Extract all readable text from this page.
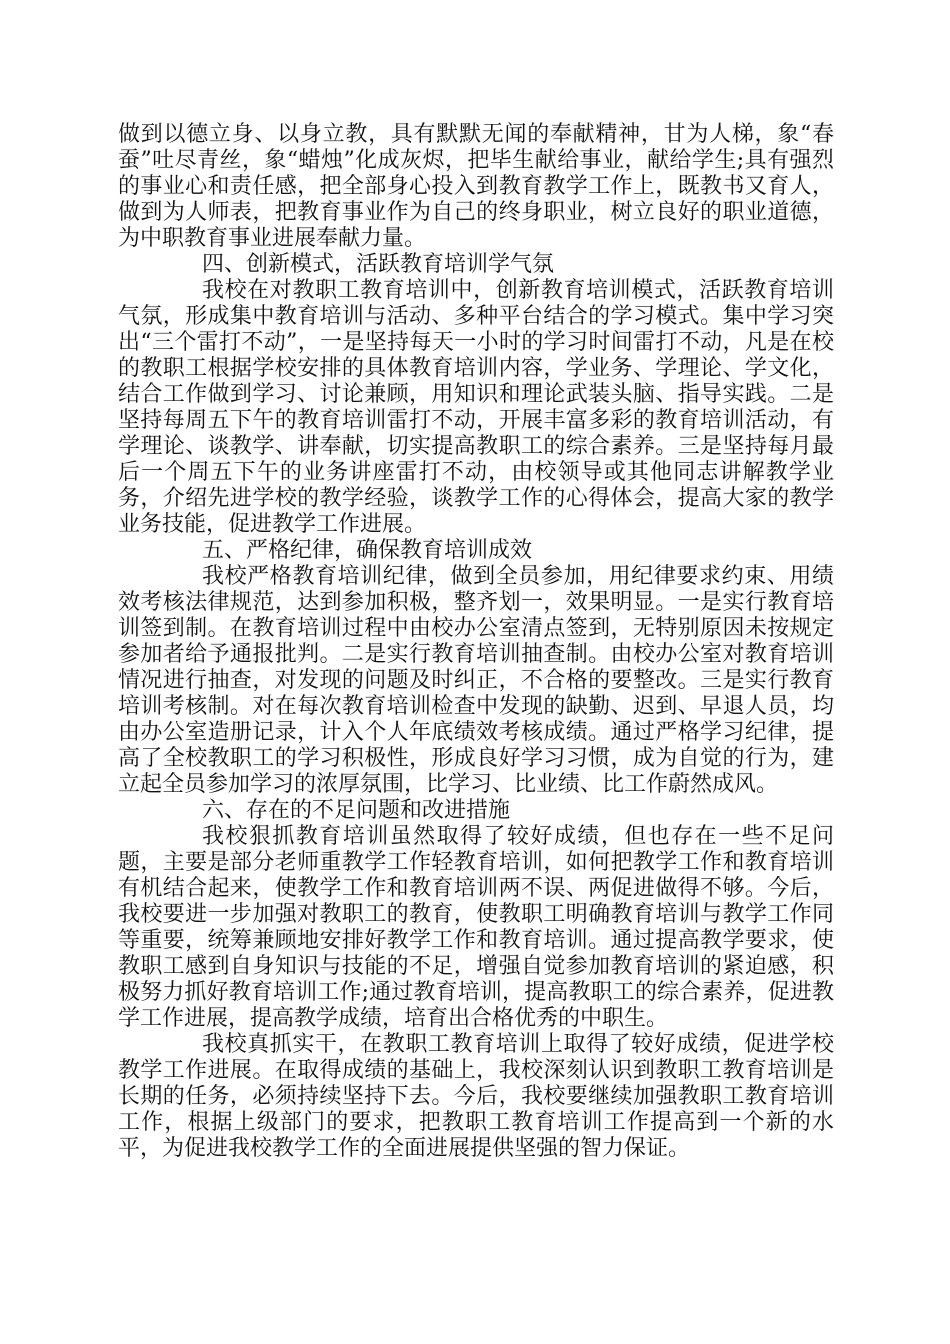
做到以德立身、以身立教，具有默默无闻的奉献精神，甘为人梯，象“春蚕”吐尽青丝，象“蜡烛”化成灰烬，把毕生献给事业，献给学生;具有强烈的事业心和责任感，把全部身心投入到教育教学工作上，既教书又育人，做到为人师表，把教育事业作为自己的终身职业，树立良好的职业道德，为中职教育事业进展奉献力量。

四、创新模式，活跃教育培训学气氛

我校在对教职工教育培训中，创新教育培训模式，活跃教育培训气氛，形成集中教育培训与活动、多种平台结合的学习模式。集中学习突出“三个雷打不动”，一是坚持每天一小时的学习时间雷打不动，凡是在校的教职工根据学校安排的具体教育培训内容，学业务、学理论、学文化，结合工作做到学习、讨论兼顾，用知识和理论武装头脑、指导实践。二是坚持每周五下午的教育培训雷打不动，开展丰富多彩的教育培训活动，有学理论、谈教学、讲奉献，切实提高教职工的综合素养。三是坚持每月最后一个周五下午的业务讲座雷打不动，由校领导或其他同志讲解教学业务，介绍先进学校的教学经验，谈教学工作的心得体会，提高大家的教学业务技能，促进教学工作进展。

五、严格纪律，确保教育培训成效

我校严格教育培训纪律，做到全员参加，用纪律要求约束、用绩效考核法律规范，达到参加积极，整齐划一，效果明显。一是实行教育培训签到制。在教育培训过程中由校办公室清点签到，无特别原因未按规定参加者给予通报批判。二是实行教育培训抽查制。由校办公室对教育培训情况进行抽查，对发现的问题及时纠正，不合格的要整改。三是实行教育培训考核制。对在每次教育培训检查中发现的缺勤、迟到、早退人员，均由办公室造册记录，计入个人年底绩效考核成绩。通过严格学习纪律，提高了全校教职工的学习积极性，形成良好学习习惯，成为自觉的行为，建立起全员参加学习的浓厚氛围，比学习、比业绩、比工作蔚然成风。

六、存在的不足问题和改进措施

我校狠抓教育培训虽然取得了较好成绩，但也存在一些不足问题，主要是部分老师重教学工作轻教育培训，如何把教学工作和教育培训有机结合起来，使教学工作和教育培训两不误、两促进做得不够。今后，我校要进一步加强对教职工的教育，使教职工明确教育培训与教学工作同等重要，统筹兼顾地安排好教学工作和教育培训。通过提高教学要求，使教职工感到自身知识与技能的不足，增强自觉参加教育培训的紧迫感，积极努力抓好教育培训工作;通过教育培训，提高教职工的综合素养，促进教学工作进展，提高教学成绩，培育出合格优秀的中职生。

我校真抓实干，在教职工教育培训上取得了较好成绩，促进学校教学工作进展。在取得成绩的基础上，我校深刻认识到教职工教育培训是长期的任务，必须持续坚持下去。今后，我校要继续加强教职工教育培训工作，根据上级部门的要求，把教职工教育培训工作提高到一个新的水平，为促进我校教学工作的全面进展提供坚强的智力保证。
